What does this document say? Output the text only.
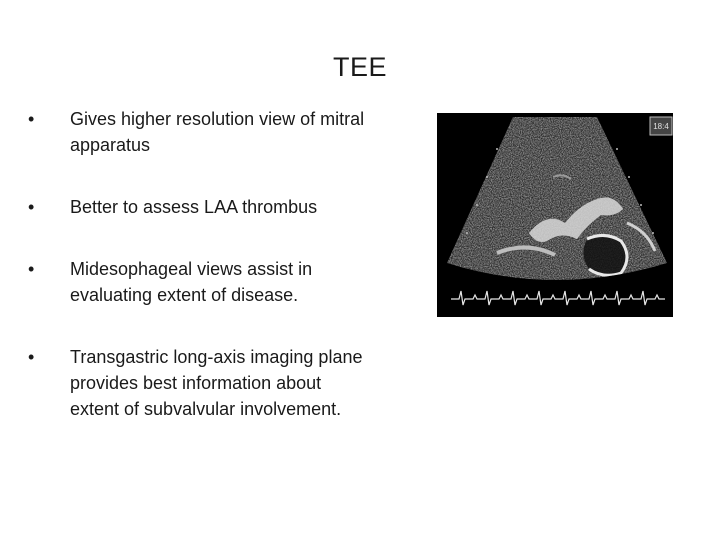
TEE
•	Gives higher resolution view of mitral
apparatus
•	Better to assess LAA thrombus
•	Midesophageal views assist in
evaluating extent of disease.
•	Transgastric long-axis imaging plane
provides best information about
extent of subvalvular involvement.
18:4
